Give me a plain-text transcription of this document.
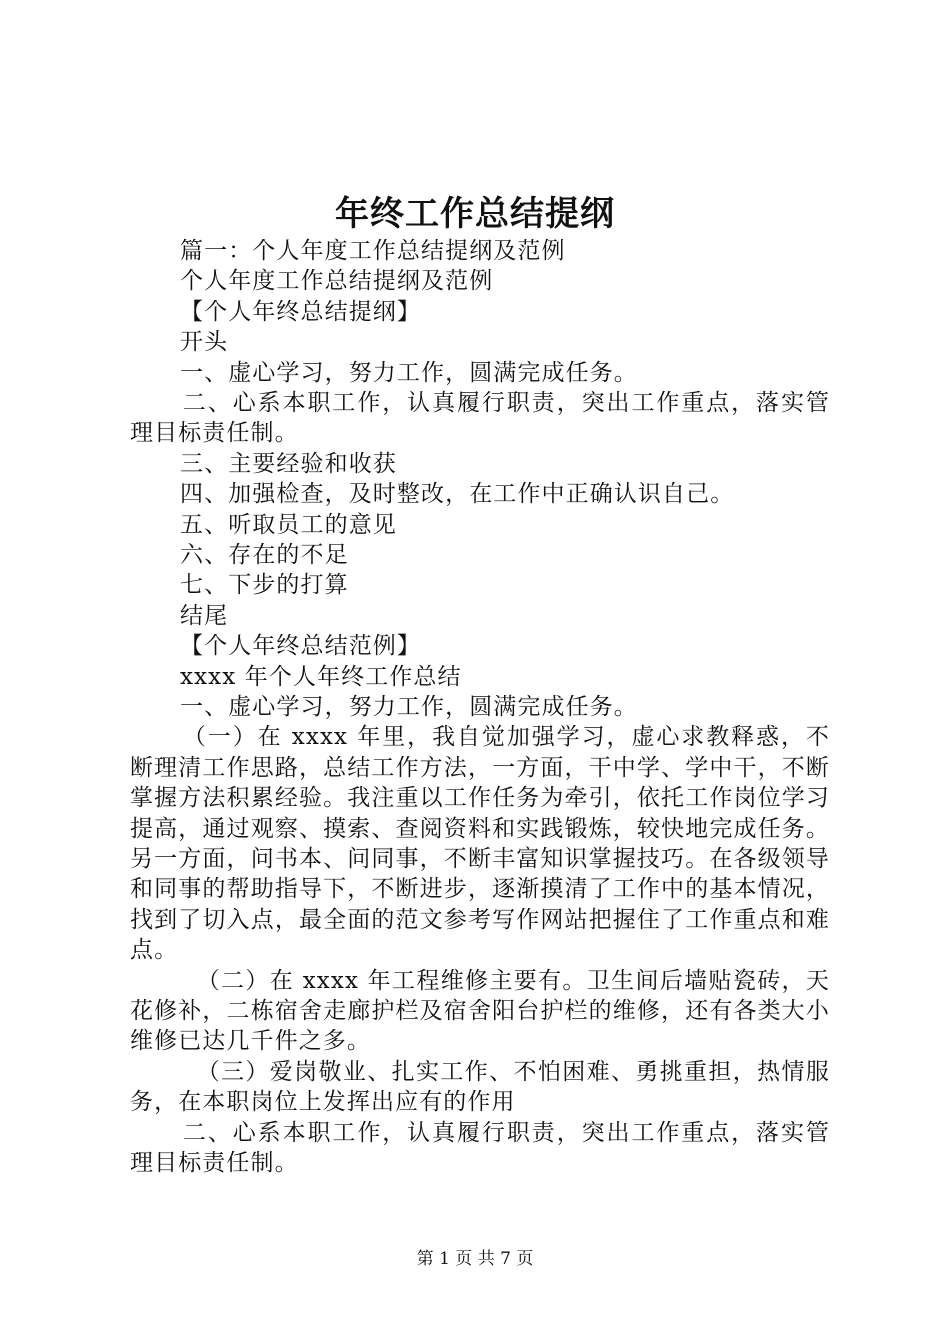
年终工作总结提纲
篇一：个人年度工作总结提纲及范例
个人年度工作总结提纲及范例
【个人年终总结提纲】
开头
一、虚心学习，努力工作，圆满完成任务。
二、心系本职工作，认真履行职责，突出工作重点，落实管理目标责任制。
三、主要经验和收获
四、加强检查，及时整改，在工作中正确认识自己。
五、听取员工的意见
六、存在的不足
七、下步的打算
结尾
【个人年终总结范例】
xxxx 年个人年终工作总结
一、虚心学习，努力工作，圆满完成任务。
（一）在 xxxx 年里，我自觉加强学习，虚心求教释惑，不断理清工作思路，总结工作方法，一方面，干中学、学中干，不断掌握方法积累经验。我注重以工作任务为牵引，依托工作岗位学习提高，通过观察、摸索、查阅资料和实践锻炼，较快地完成任务。另一方面，问书本、问同事，不断丰富知识掌握技巧。在各级领导和同事的帮助指导下，不断进步，逐渐摸清了工作中的基本情况，找到了切入点，最全面的范文参考写作网站把握住了工作重点和难点。
（二）在 xxxx 年工程维修主要有。卫生间后墙贴瓷砖，天花修补，二栋宿舍走廊护栏及宿舍阳台护栏的维修，还有各类大小维修已达几千件之多。
（三）爱岗敬业、扎实工作、不怕困难、勇挑重担，热情服务，在本职岗位上发挥出应有的作用
二、心系本职工作，认真履行职责，突出工作重点，落实管理目标责任制。
第 1 页 共 7 页
